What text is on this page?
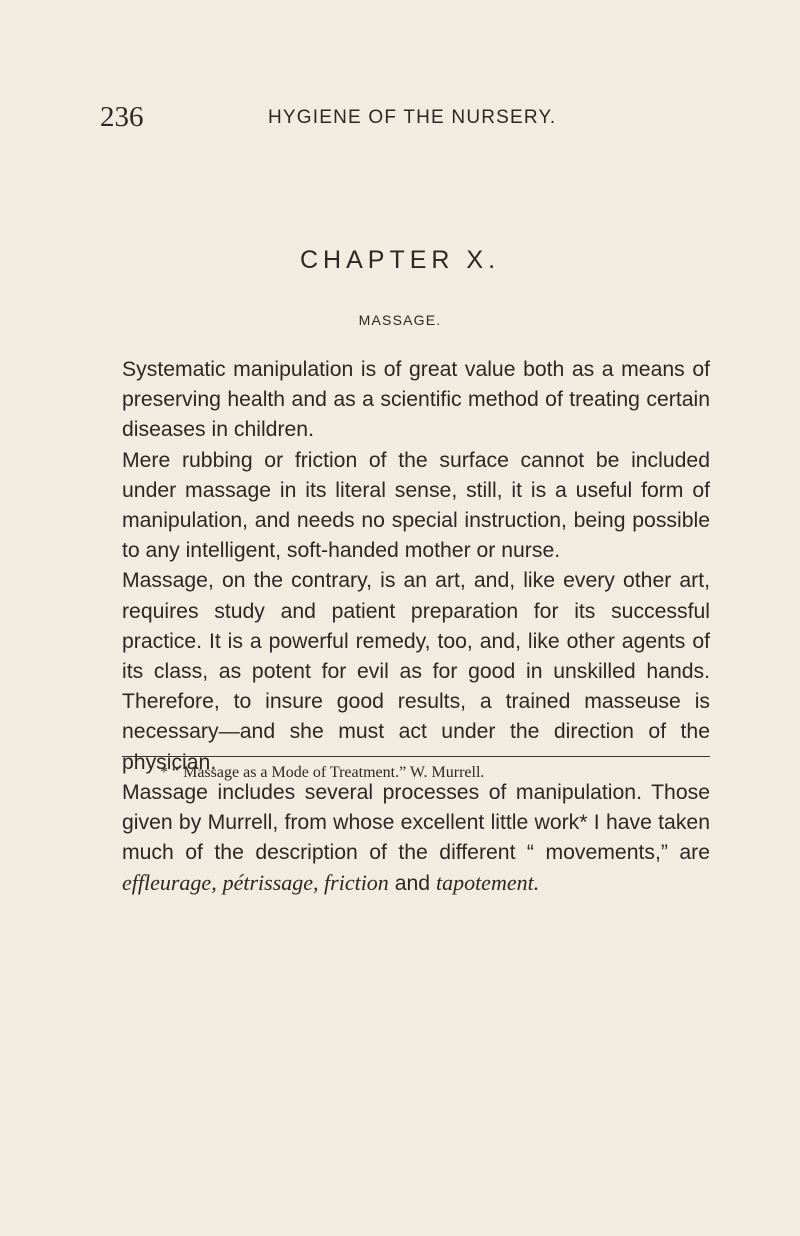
236	HYGIENE OF THE NURSERY.
CHAPTER X.
MASSAGE.

Systematic manipulation is of great value both as a means of preserving health and as a scientific method of treating certain diseases in children.

Mere rubbing or friction of the surface cannot be included under massage in its literal sense, still, it is a useful form of manipulation, and needs no special instruction, being possible to any intelligent, soft-handed mother or nurse.

Massage, on the contrary, is an art, and, like every other art, requires study and patient preparation for its successful practice. It is a powerful remedy, too, and, like other agents of its class, as potent for evil as for good in unskilled hands. Therefore, to insure good results, a trained masseuse is necessary—and she must act under the direction of the physician.

Massage includes several processes of manipulation. Those given by Murrell, from whose excellent little work* I have taken much of the description of the different “ movements,” are effleurage, pétrissage, friction and tapotement.

* “ Massage as a Mode of Treatment.” W. Murrell.
